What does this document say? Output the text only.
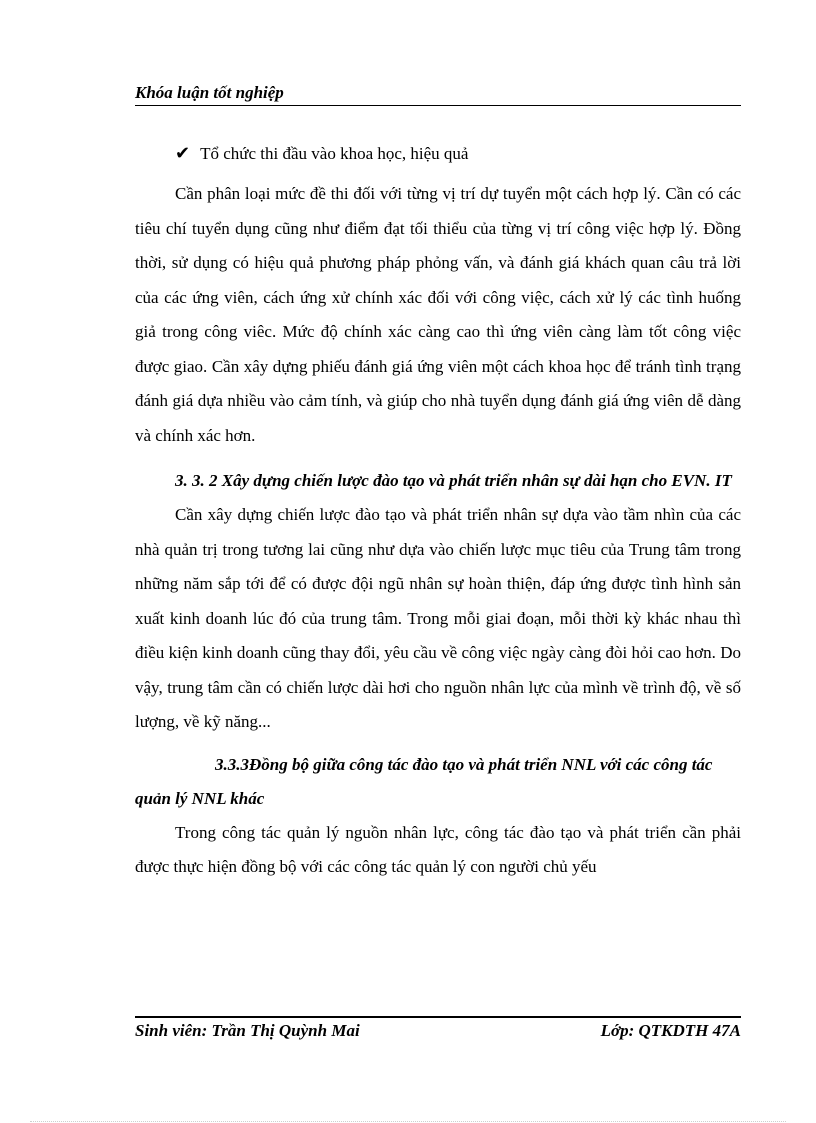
Khóa luận tốt nghiệp
✔ Tổ chức thi đầu vào khoa học, hiệu quả

Cần phân loại mức đề thi đối với từng vị trí dự tuyển một cách hợp lý. Cần có các tiêu chí tuyển dụng cũng như điểm đạt tối thiểu của từng vị trí công việc hợp lý. Đồng thời, sử dụng có hiệu quả phương pháp phỏng vấn, và đánh giá khách quan câu trả lời của các ứng viên, cách ứng xử chính xác đối với công việc, cách xử lý các tình huống giả trong công viêc. Mức độ chính xác càng cao thì ứng viên càng làm tốt công việc được giao. Cần xây dựng phiếu đánh giá ứng viên một cách khoa học để tránh tình trạng đánh giá dựa nhiều vào cảm tính, và giúp cho nhà tuyển dụng đánh giá ứng viên dễ dàng và chính xác hơn.

3. 3. 2 Xây dựng chiến lược đào tạo và phát triển nhân sự dài hạn cho EVN. IT

Cần xây dựng chiến lược đào tạo và phát triển nhân sự dựa vào tầm nhìn của các nhà quản trị trong tương lai cũng như dựa vào chiến lược mục tiêu của Trung tâm trong những năm sắp tới để có được đội ngũ nhân sự hoàn thiện, đáp ứng được tình hình sản xuất kinh doanh lúc đó của trung tâm. Trong mỗi giai đoạn, mỗi thời kỳ khác nhau thì điều kiện kinh doanh cũng thay đổi, yêu cầu về công việc ngày càng đòi hỏi cao hơn. Do vậy, trung tâm cần có chiến lược dài hơi cho nguồn nhân lực của mình về trình độ, về số lượng, về kỹ năng...

3.3.3Đồng bộ giữa công tác đào tạo và phát triển NNL với các công tác quản lý NNL khác

Trong công tác quản lý nguồn nhân lực, công tác đào tạo và phát triển cần phải được thực hiện đồng bộ với các công tác quản lý con người chủ yếu

Sinh viên: Trần Thị Quỳnh Mai	Lớp: QTKDTH 47A
